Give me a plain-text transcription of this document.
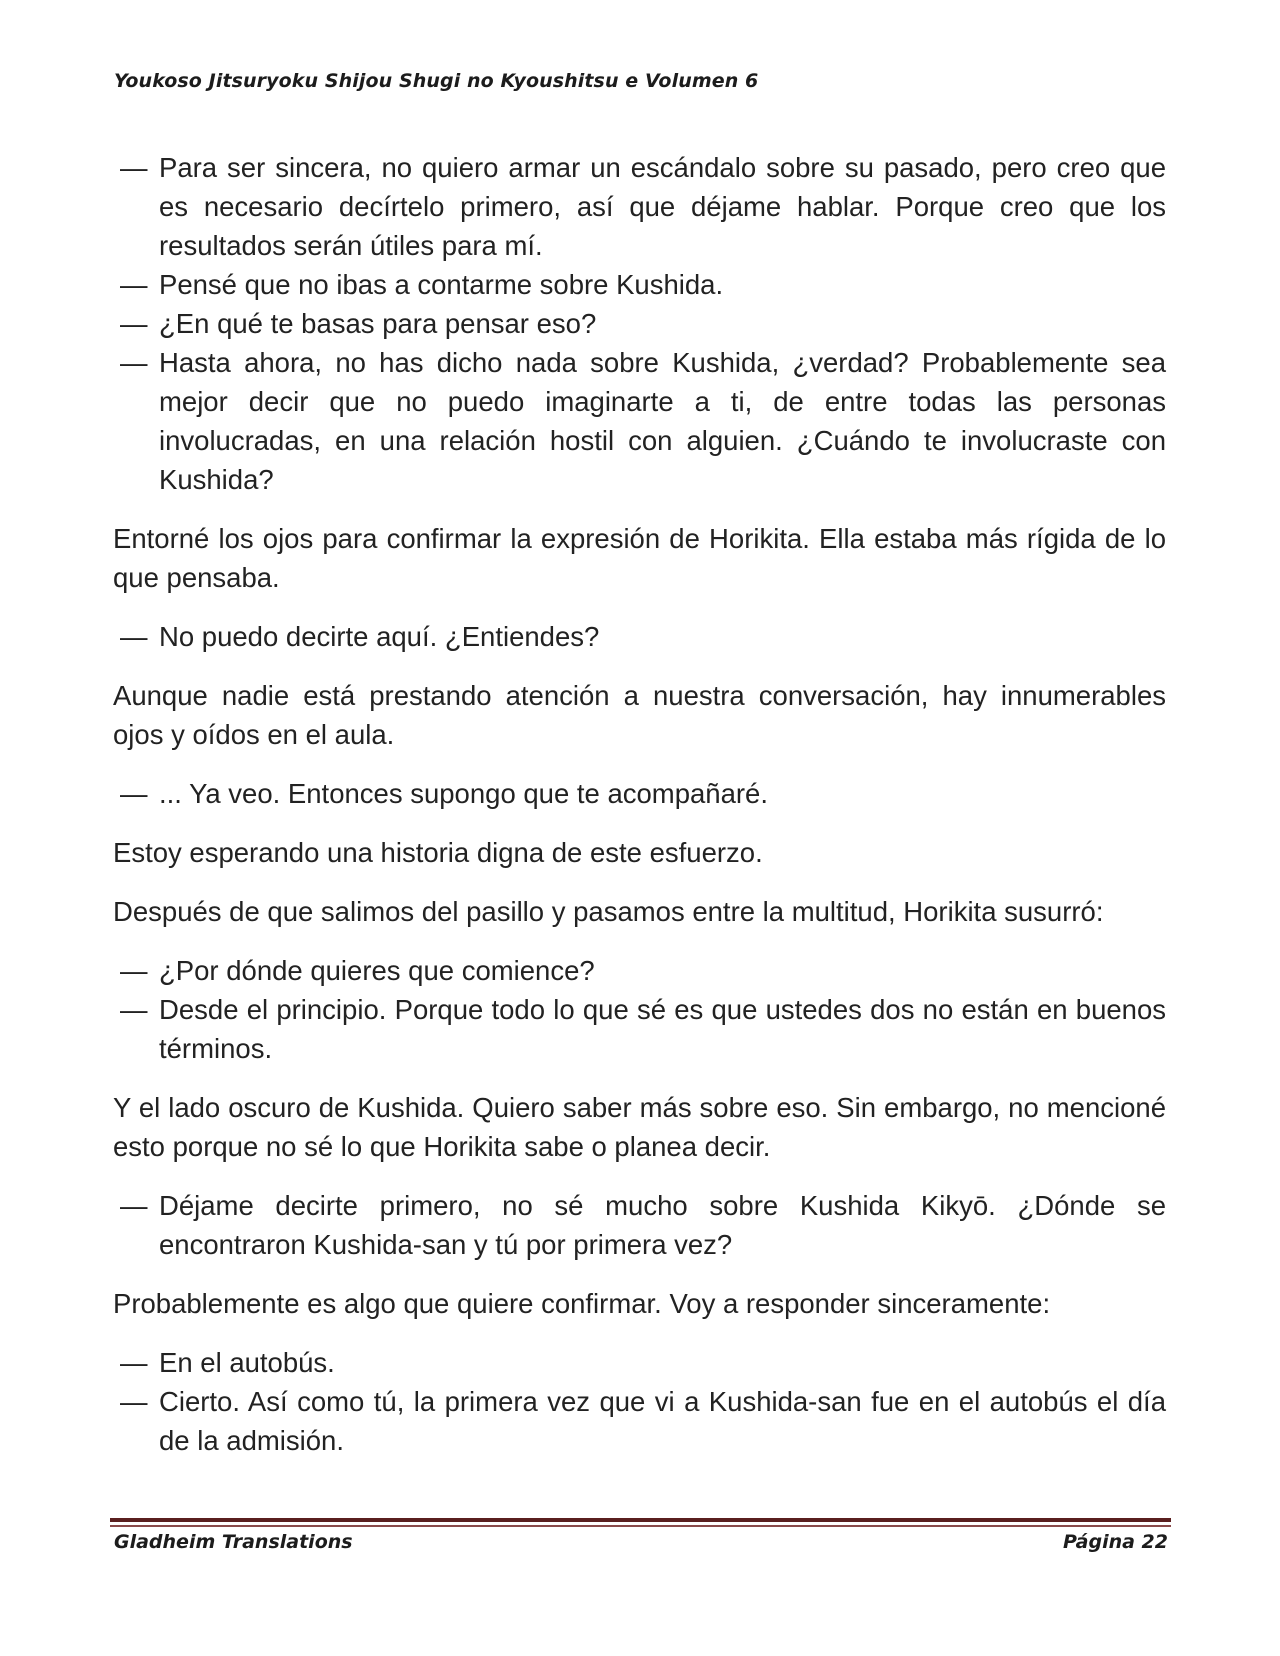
Youkoso Jitsuryoku Shijou Shugi no Kyoushitsu e Volumen 6
— Para ser sincera, no quiero armar un escándalo sobre su pasado, pero creo que es necesario decírtelo primero, así que déjame hablar. Porque creo que los resultados serán útiles para mí.
— Pensé que no ibas a contarme sobre Kushida.
— ¿En qué te basas para pensar eso?
— Hasta ahora, no has dicho nada sobre Kushida, ¿verdad? Probablemente sea mejor decir que no puedo imaginarte a ti, de entre todas las personas involucradas, en una relación hostil con alguien. ¿Cuándo te involucraste con Kushida?
Entorné los ojos para confirmar la expresión de Horikita. Ella estaba más rígida de lo que pensaba.
— No puedo decirte aquí. ¿Entiendes?
Aunque nadie está prestando atención a nuestra conversación, hay innumerables ojos y oídos en el aula.
— ... Ya veo. Entonces supongo que te acompañaré.
Estoy esperando una historia digna de este esfuerzo.
Después de que salimos del pasillo y pasamos entre la multitud, Horikita susurró:
— ¿Por dónde quieres que comience?
— Desde el principio. Porque todo lo que sé es que ustedes dos no están en buenos términos.
Y el lado oscuro de Kushida. Quiero saber más sobre eso. Sin embargo, no mencioné esto porque no sé lo que Horikita sabe o planea decir.
— Déjame decirte primero, no sé mucho sobre Kushida Kikyō. ¿Dónde se encontraron Kushida-san y tú por primera vez?
Probablemente es algo que quiere confirmar. Voy a responder sinceramente:
— En el autobús.
— Cierto. Así como tú, la primera vez que vi a Kushida-san fue en el autobús el día de la admisión.
Gladheim Translations	Página 22
